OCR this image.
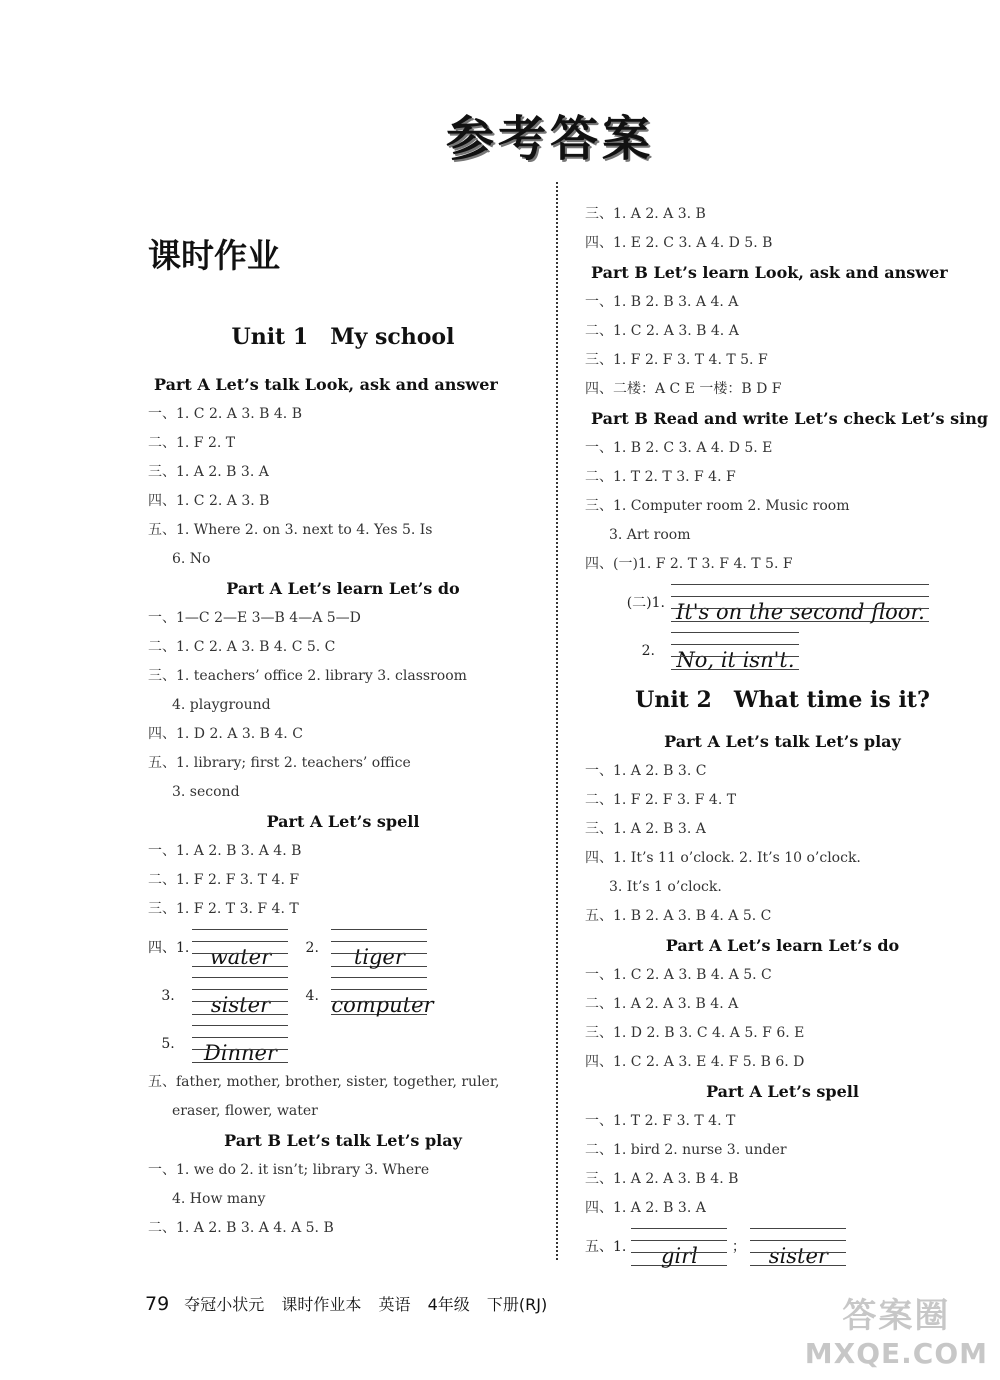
参考答案
课时作业
Unit 1 My school
Part A Let’s talk Look, ask and answer
一、1. C 2. A 3. B 4. B
二、1. F 2. T
三、1. A 2. B 3. A
四、1. C 2. A 3. B
五、1. Where 2. on 3. next to 4. Yes 5. Is
6. No
Part A Let’s learn Let’s do
一、1—C 2—E 3—B 4—A 5—D
二、1. C 2. A 3. B 4. C 5. C
三、1. teachers’ office 2. library 3. classroom
4. playground
四、1. D 2. A 3. B 4. C
五、1. library; first 2. teachers’ office
3. second
Part A Let’s spell
一、1. A 2. B 3. A 4. B
二、1. F 2. F 3. T 4. F
三、1. F 2. T 3. F 4. T
四、1. water	2.	tiger
3.	sister	4. computer
5.	Dinner
五、father, mother, brother, sister, together, ruler,
eraser, flower, water
Part B Let’s talk Let’s play
一、1. we do 2. it isn’t; library 3. Where
4. How many
二、1. A 2. B 3. A 4. A 5. B
三、1. A 2. A 3. B
四、1. E 2. C 3. A 4. D 5. B
Part B Let’s learn Look, ask and answer
一、1. B 2. B 3. A 4. A
二、1. C 2. A 3. B 4. A
三、1. F 2. F 3. T 4. T 5. F
四、二楼：A C E 一楼：B D F
Part B Read and write Let’s check Let’s sing
一、1. B 2. C 3. A 4. D 5. E
二、1. T 2. T 3. F 4. F
三、1. Computer room 2. Music room
3. Art room
四、(一)1. F 2. T 3. F 4. T 5. F
(二)1. It's on the second floor.
2. No, it isn't.
Unit 2 What time is it?
Part A Let’s talk Let’s play
一、1. A 2. B 3. C
二、1. F 2. F 3. F 4. T
三、1. A 2. B 3. A
四、1. It’s 11 o’clock. 2. It’s 10 o’clock.
3. It’s 1 o’clock.
五、1. B 2. A 3. B 4. A 5. C
Part A Let’s learn Let’s do
一、1. C 2. A 3. B 4. A 5. C
二、1. A 2. A 3. B 4. A
三、1. D 2. B 3. C 4. A 5. F 6. E
四、1. C 2. A 3. E 4. F 5. B 6. D
Part A Let’s spell
一、1. T 2. F 3. T 4. T
二、1. bird 2. nurse 3. under
三、1. A 2. A 3. B 4. B
四、1. A 2. B 3. A
五、1.	girl	；	sister
79 夺冠小状元 课时作业本 英语 4年级 下册(RJ)	答案圈
MXQE.COM
